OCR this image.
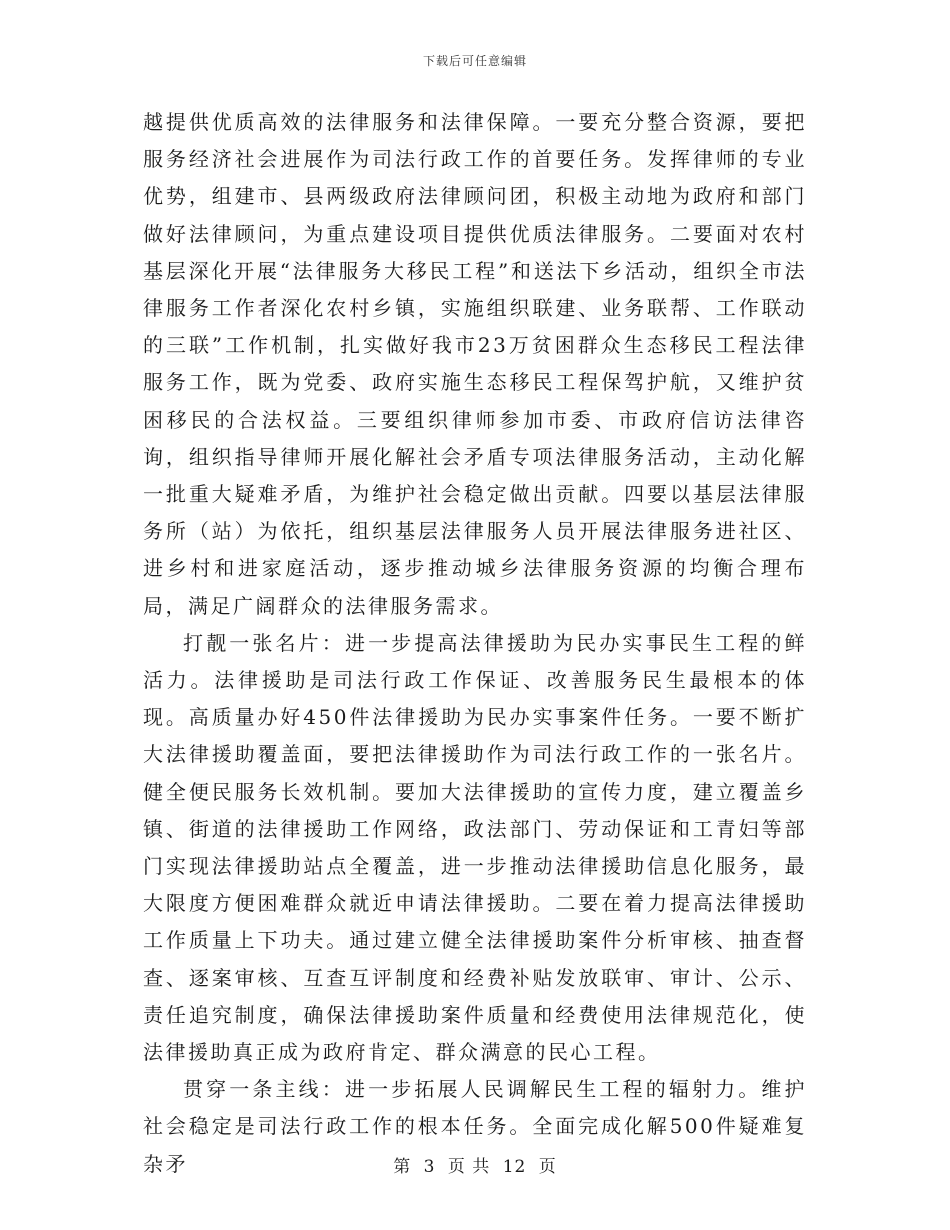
下载后可任意编辑

越提供优质高效的法律服务和法律保障。一要充分整合资源，要把服务经济社会进展作为司法行政工作的首要任务。发挥律师的专业优势，组建市、县两级政府法律顾问团，积极主动地为政府和部门做好法律顾问，为重点建设项目提供优质法律服务。二要面对农村基层深化开展“法律服务大移民工程”和送法下乡活动，组织全市法律服务工作者深化农村乡镇，实施组织联建、业务联帮、工作联动的三联”工作机制，扎实做好我市23万贫困群众生态移民工程法律服务工作，既为党委、政府实施生态移民工程保驾护航，又维护贫困移民的合法权益。三要组织律师参加市委、市政府信访法律咨询，组织指导律师开展化解社会矛盾专项法律服务活动，主动化解一批重大疑难矛盾，为维护社会稳定做出贡献。四要以基层法律服务所（站）为依托，组织基层法律服务人员开展法律服务进社区、进乡村和进家庭活动，逐步推动城乡法律服务资源的均衡合理布局，满足广阔群众的法律服务需求。

打靓一张名片：进一步提高法律援助为民办实事民生工程的鲜活力。法律援助是司法行政工作保证、改善服务民生最根本的体现。高质量办好450件法律援助为民办实事案件任务。一要不断扩大法律援助覆盖面，要把法律援助作为司法行政工作的一张名片。健全便民服务长效机制。要加大法律援助的宣传力度，建立覆盖乡镇、街道的法律援助工作网络，政法部门、劳动保证和工青妇等部门实现法律援助站点全覆盖，进一步推动法律援助信息化服务，最大限度方便困难群众就近申请法律援助。二要在着力提高法律援助工作质量上下功夫。通过建立健全法律援助案件分析审核、抽查督查、逐案审核、互查互评制度和经费补贴发放联审、审计、公示、责任追究制度，确保法律援助案件质量和经费使用法律规范化，使法律援助真正成为政府肯定、群众满意的民心工程。

贯穿一条主线：进一步拓展人民调解民生工程的辐射力。维护社会稳定是司法行政工作的根本任务。全面完成化解500件疑难复杂矛	第 3 页 共 12 页
